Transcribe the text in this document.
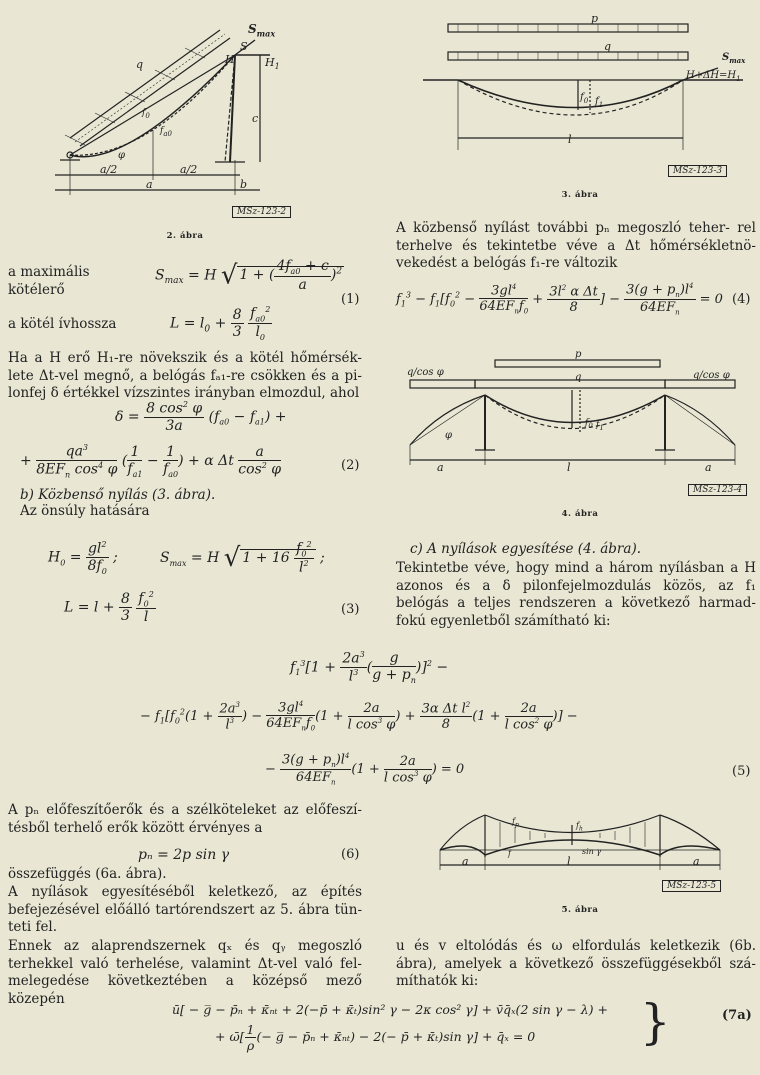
$S_{max}$
S
H	$H_1$
q
$f_0$
$f_{a0}$
φ
a/2	a/2
a	b
c
MSz-123-2
2. ábra
a maximális kötélerő
$S_{max} = H$ √ 1 + ( $\frac{4f_{a0} + c}{a} )^2$
(1)
a kötél ívhossza	$L = l_0 + \frac{8}{3}$
$\frac{f_{a0}^2}{l_0}$
Ha a H erő H₁-re növekszik és a kötél hőmérsék- lete Δt-vel megnő, a belógás fₐ₁-re csökken és a pi- lonfej δ értékkel vízszintes irányban elmozdul, ahol
$\delta = \frac{8 \cos^2 \varphi}{3a} (f_{a0} - f_{a1})$ +
+ $\frac{qa^3}{8EF_n \cos^4 \varphi}$ ( $\frac{1}{f_{a1}} - \frac{1}{f_{a0}}$ ) + α Δt $\frac{a}{\cos^2 \varphi}$	(2)
b) Közbenső nyílás (3. ábra).
Az önsúly hatására
$H_0 = \frac{gl^2}{8f_0}$ ;	$S_{max} = H$ √ $1 + 16 \frac{f_0^2}{l^2}$ ;
$L = l + \frac{8}{3}$
$\frac{f_0^2}{l}$	(3)
p
q
$f_0$ $f_1$
l
$S_{max}$
$H+\Delta H=H_1$
MSz-123-3
3. ábra
A közbenső nyílást további pₙ megoszló teher- rel terhelve és tekintetbe véve a Δt hőmérsékletnö- vekedést a belógás f₁-re változik
$f_1^3 - f_1[f_0^2 - \frac{3gl^4}{64EF_nf_0} + \frac{3l^2 \alpha \Delta t}{8}$ ] − $\frac{3(g + p_n)l^4}{64EF_n} = 0$ (4)
p
q
q/cos φ	q/cos φ
φ
$f_0$ $f_1$
a	l	a
MSz-123-4
4. ábra
c) A nyílások egyesítése (4. ábra).
Tekintetbe véve, hogy mind a három nyílásban a H azonos és a δ pilonfejelmozdulás közös, az f₁ belógás a teljes rendszeren a következő harmad- fokú egyenletből számítható ki:
$f_1^3[1 + \frac{2a^3}{l^3}$ ( $\frac{g}{g + p_n} )]^2$ −
− $f_1[f_0^2(1 + \frac{2a^3}{l^3}$ ) − $\frac{3gl^4}{64EF_nf_0} (1 + \frac{2a}{l \cos^3 \varphi}$ ) + $\frac{3\alpha \Delta t l^2}{8} (1 + \frac{2a}{l \cos^2 \varphi}$ )] −
− $\frac{3(g + p_n)l^4}{64EF_n} (1 + \frac{2a}{l \cos^3 \varphi}$ ) = 0	(5)
A pₙ előfeszítőerők és a szélköteleket az előfeszí- tésből terhelő erők között érvényes a
pₙ = 2p sin γ	(6)
összefüggés (6a. ábra).
A nyílások egyesítéséből keletkező, az építés befejezésével előálló tartórendszert az 5. ábra tün- teti fel.
Ennek az alaprendszernek qₓ és qᵧ megoszló terhekkel való terhelése, valamint Δt-vel való fel- melegedése következtében a középső mező közepén
$f_p$	$f_h$
f	sin γ
a	l	a
MSz-123-5
5. ábra
u és v eltolódás és ω elfordulás keletkezik (6b. ábra), amelyek a következő összefüggésekből szá- míthatók ki:
ū[ − g̅ − p̄ₙ + κ̄ₙₜ + 2(−p̄ + κ̄ₜ)sin² γ − 2κ cos² γ] + v̄q̄ₓ(2 sin γ − λ) +
+ ω̄[ $\frac{1}{\rho}$ (− g̅ − p̄ₙ + κ̄ₙₜ) − 2(− p̄ + κ̄ₜ)sin γ] + q̄ₓ = 0 }	(7a)
